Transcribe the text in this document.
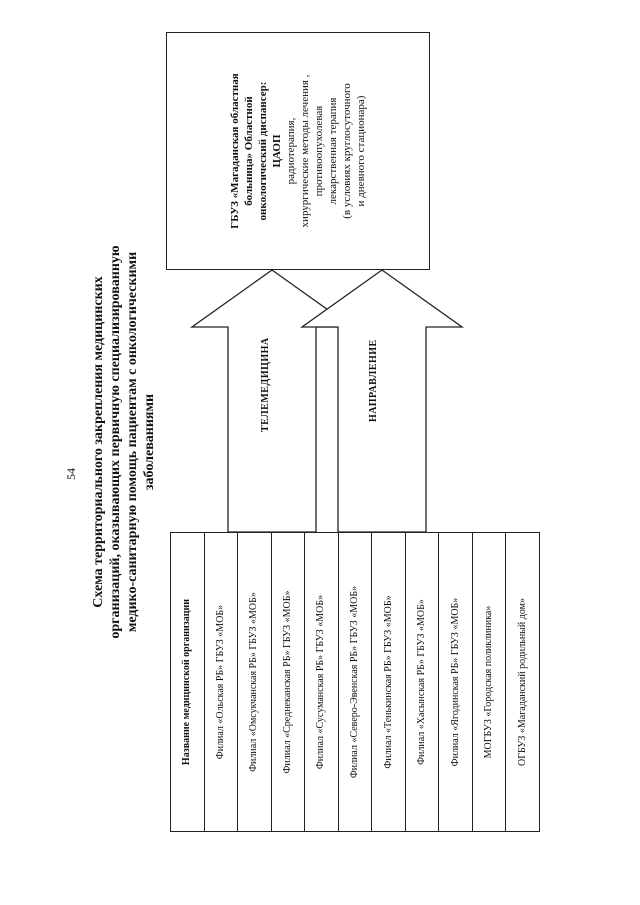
54 Схема территориального закрепления медицинских организаций, оказывающих первичную специализированную медико-санитарную помощь пациентам с онкологическими заболеваниями
Название медицинской организации	Филиал «Ольская РБ» ГБУЗ «МОБ»	Филиал «Омсукчанская РБ» ГБУЗ «МОБ»	Филиал «Среднеканская РБ» ГБУЗ «МОБ»	Филиал «Сусуманская РБ» ГБУЗ «МОБ»	Филиал «Северо-Эвенская РБ» ГБУЗ «МОБ»	Филиал «Тенькинская РБ» ГБУЗ «МОБ»	Филиал «Хасынская РБ» ГБУЗ «МОБ»	Филиал «Ягодинская РБ» ГБУЗ «МОБ»	МОГБУЗ «Городская поликлиника»	ОГБУЗ «Магаданский родильный дом»
ТЕЛЕМЕДИЦИНА	НАПРАВЛЕНИЕ
ГБУЗ «Магаданская областная больница» Областной онкологический диспансер: ЦАОП радиотерапия, хирургические методы лечения , противоопухолевая лекарственная терапия (в условиях круглосуточного и дневного стационара)
